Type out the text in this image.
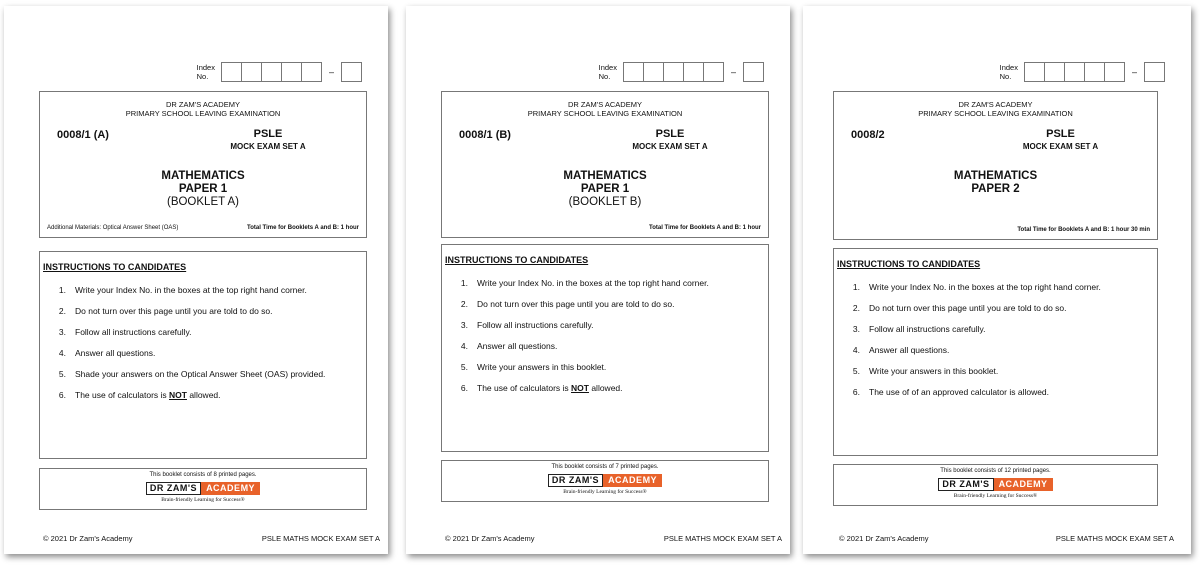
Index
No.	–
DR ZAM'S ACADEMY
PRIMARY SCHOOL LEAVING EXAMINATION
0008/1 (A)	PSLE
MOCK EXAM SET A
MATHEMATICS
PAPER 1
(BOOKLET A)
Additional Materials: Optical Answer Sheet (OAS)	Total Time for Booklets A and B: 1 hour
INSTRUCTIONS TO CANDIDATES
1. Write your Index No. in the boxes at the top right hand corner.
2. Do not turn over this page until you are told to do so.
3. Follow all instructions carefully.
4. Answer all questions.
5. Shade your answers on the Optical Answer Sheet (OAS) provided.
6. The use of calculators is NOT allowed.
This booklet consists of 8 printed pages.
DR ZAM'S	ACADEMY
Brain-friendly Learning for Success®
© 2021 Dr Zam's Academy	PSLE MATHS MOCK EXAM SET A
Index
No.	–
DR ZAM'S ACADEMY
PRIMARY SCHOOL LEAVING EXAMINATION
0008/1 (B)	PSLE
MOCK EXAM SET A
MATHEMATICS
PAPER 1
(BOOKLET B)
Total Time for Booklets A and B: 1 hour
INSTRUCTIONS TO CANDIDATES
1. Write your Index No. in the boxes at the top right hand corner.
2. Do not turn over this page until you are told to do so.
3. Follow all instructions carefully.
4. Answer all questions.
5. Write your answers in this booklet.
6. The use of calculators is NOT allowed.
This booklet consists of 7 printed pages.
DR ZAM'S	ACADEMY
Brain-friendly Learning for Success®
© 2021 Dr Zam's Academy	PSLE MATHS MOCK EXAM SET A
Index
No.	–
DR ZAM'S ACADEMY
PRIMARY SCHOOL LEAVING EXAMINATION
0008/2	PSLE
MOCK EXAM SET A
MATHEMATICS
PAPER 2
Total Time for Booklets A and B: 1 hour 30 min
INSTRUCTIONS TO CANDIDATES
1. Write your Index No. in the boxes at the top right hand corner.
2. Do not turn over this page until you are told to do so.
3. Follow all instructions carefully.
4. Answer all questions.
5. Write your answers in this booklet.
6. The use of of an approved calculator is allowed.
This booklet consists of 12 printed pages.
DR ZAM'S	ACADEMY
Brain-friendly Learning for Success®
© 2021 Dr Zam's Academy	PSLE MATHS MOCK EXAM SET A
